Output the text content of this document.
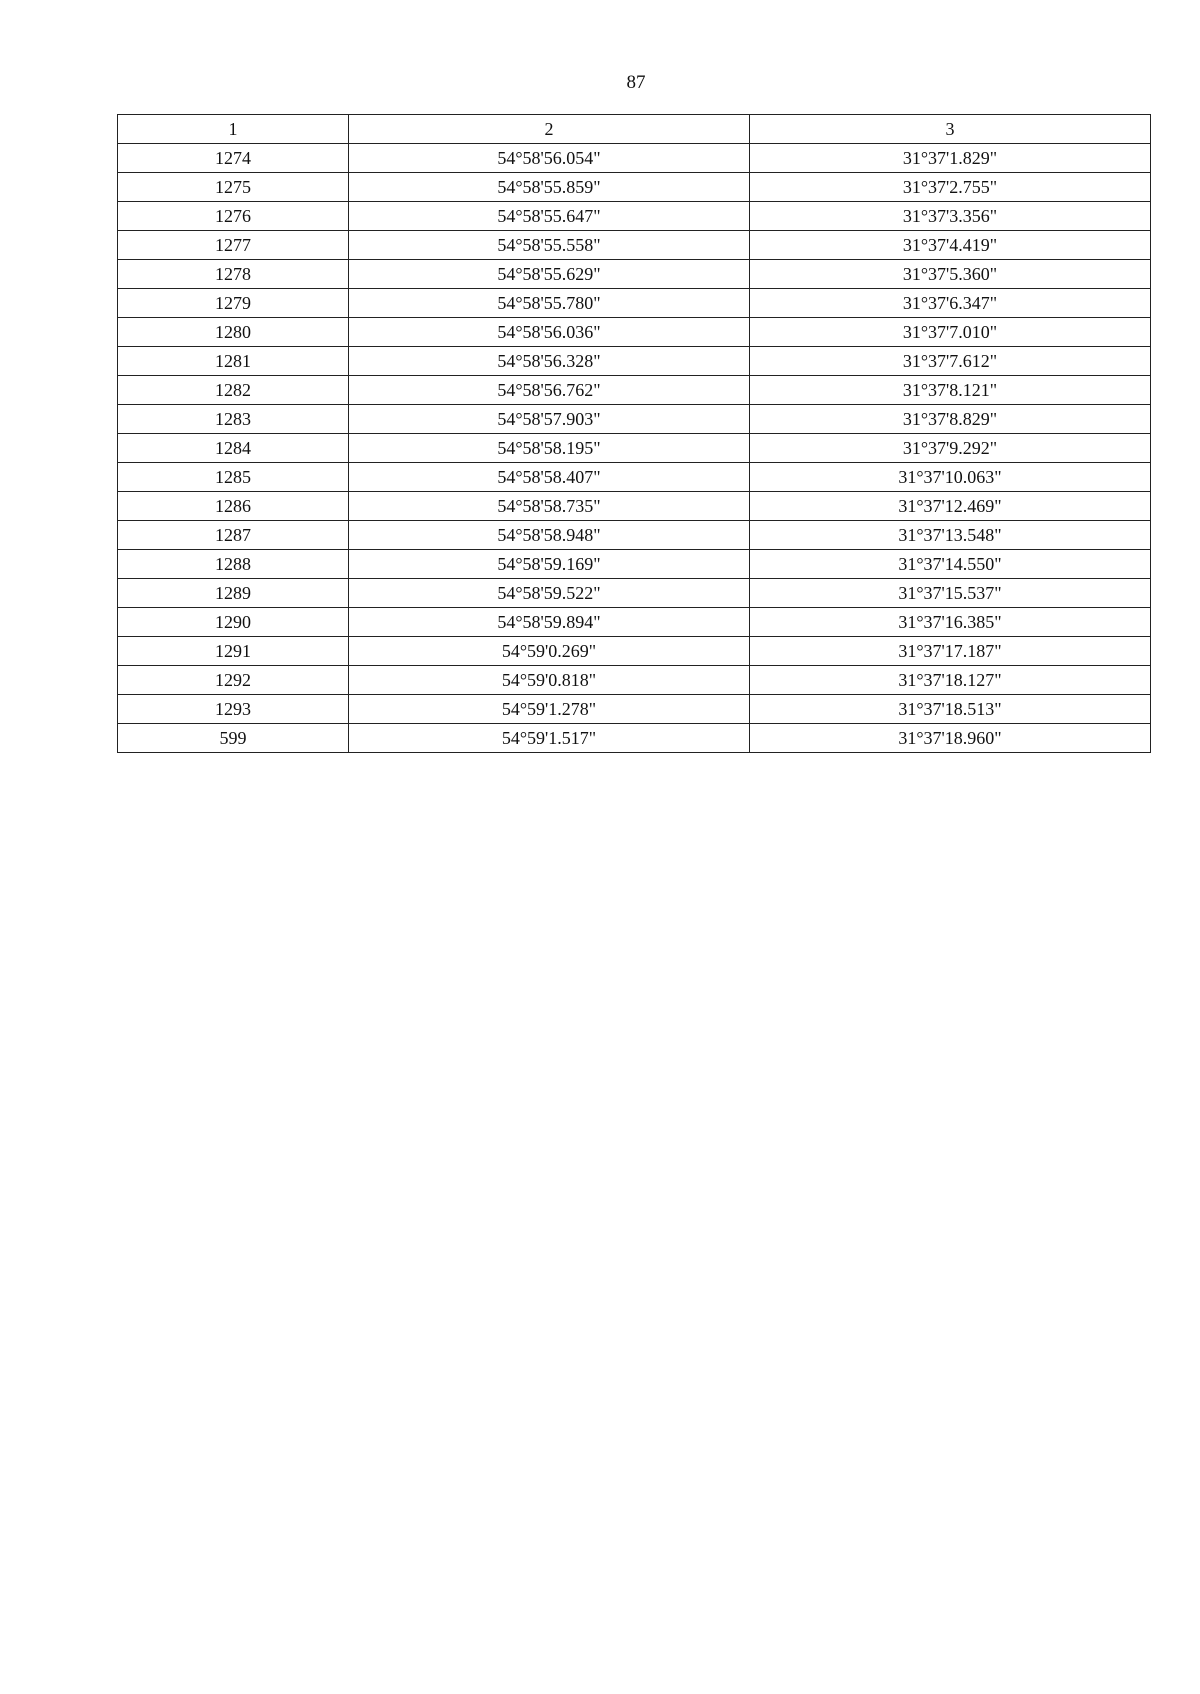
87
1	2	3
1274	54°58'56.054"	31°37'1.829"
1275	54°58'55.859"	31°37'2.755"
1276	54°58'55.647"	31°37'3.356"
1277	54°58'55.558"	31°37'4.419"
1278	54°58'55.629"	31°37'5.360"
1279	54°58'55.780"	31°37'6.347"
1280	54°58'56.036"	31°37'7.010"
1281	54°58'56.328"	31°37'7.612"
1282	54°58'56.762"	31°37'8.121"
1283	54°58'57.903"	31°37'8.829"
1284	54°58'58.195"	31°37'9.292"
1285	54°58'58.407"	31°37'10.063"
1286	54°58'58.735"	31°37'12.469"
1287	54°58'58.948"	31°37'13.548"
1288	54°58'59.169"	31°37'14.550"
1289	54°58'59.522"	31°37'15.537"
1290	54°58'59.894"	31°37'16.385"
1291	54°59'0.269"	31°37'17.187"
1292	54°59'0.818"	31°37'18.127"
1293	54°59'1.278"	31°37'18.513"
599	54°59'1.517"	31°37'18.960"
